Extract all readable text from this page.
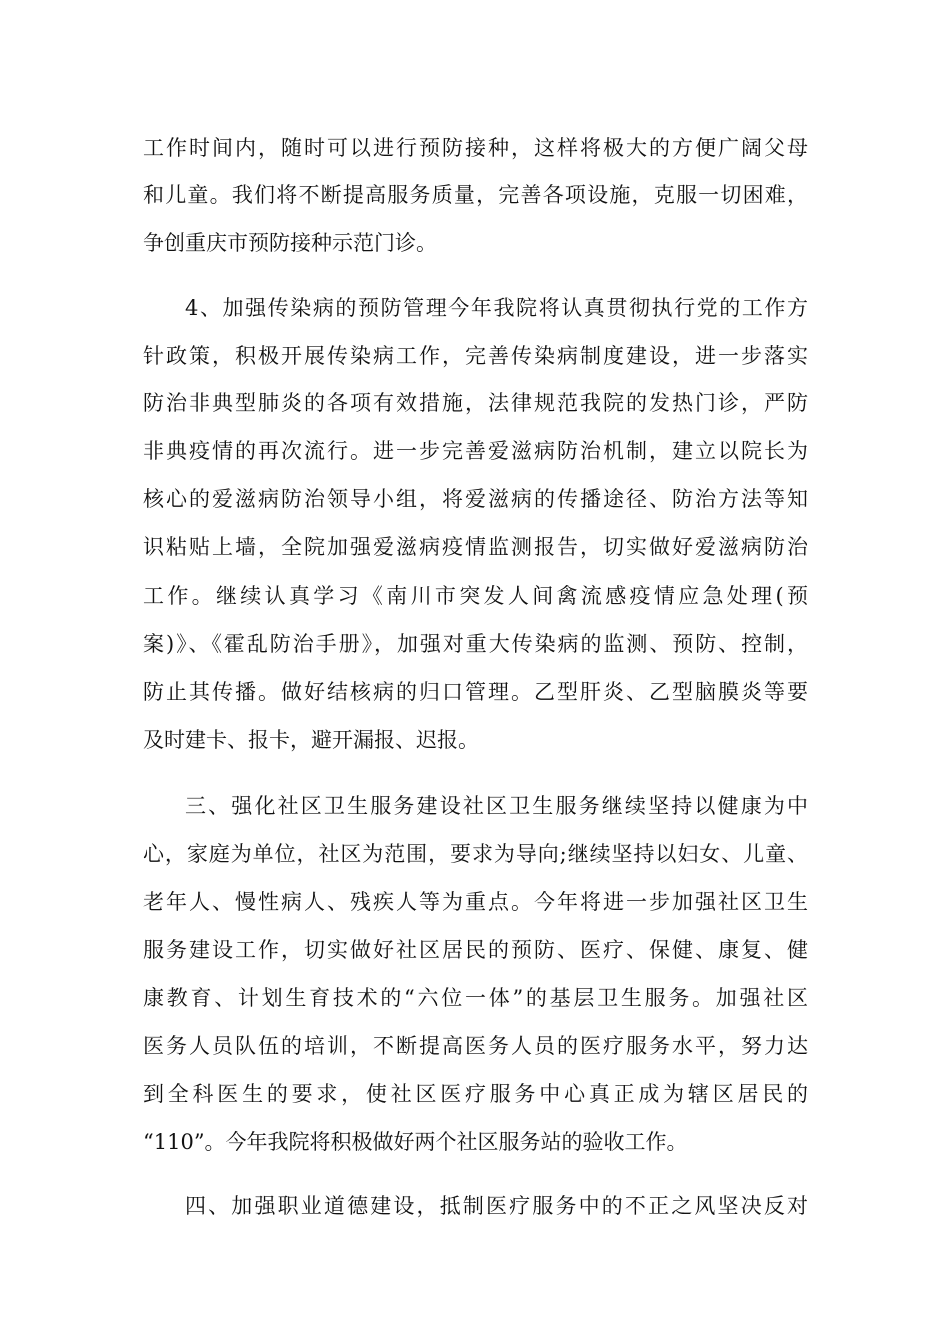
工作时间内，随时可以进行预防接种，这样将极大的方便广阔父母
和儿童。我们将不断提高服务质量，完善各项设施，克服一切困难，
争创重庆市预防接种示范门诊。
4、加强传染病的预防管理今年我院将认真贯彻执行党的工作方
针政策，积极开展传染病工作，完善传染病制度建设，进一步落实
防治非典型肺炎的各项有效措施，法律规范我院的发热门诊，严防
非典疫情的再次流行。进一步完善爱滋病防治机制，建立以院长为
核心的爱滋病防治领导小组，将爱滋病的传播途径、防治方法等知
识粘贴上墙，全院加强爱滋病疫情监测报告，切实做好爱滋病防治
工作。继续认真学习《南川市突发人间禽流感疫情应急处理(预
案)》、《霍乱防治手册》，加强对重大传染病的监测、预防、控制，
防止其传播。做好结核病的归口管理。乙型肝炎、乙型脑膜炎等要
及时建卡、报卡，避开漏报、迟报。
三、强化社区卫生服务建设社区卫生服务继续坚持以健康为中
心，家庭为单位，社区为范围，要求为导向;继续坚持以妇女、儿童、
老年人、慢性病人、残疾人等为重点。今年将进一步加强社区卫生
服务建设工作，切实做好社区居民的预防、医疗、保健、康复、健
康教育、计划生育技术的“六位一体”的基层卫生服务。加强社区
医务人员队伍的培训，不断提高医务人员的医疗服务水平，努力达
到全科医生的要求，使社区医疗服务中心真正成为辖区居民的
“110”。今年我院将积极做好两个社区服务站的验收工作。
四、加强职业道德建设，抵制医疗服务中的不正之风坚决反对
